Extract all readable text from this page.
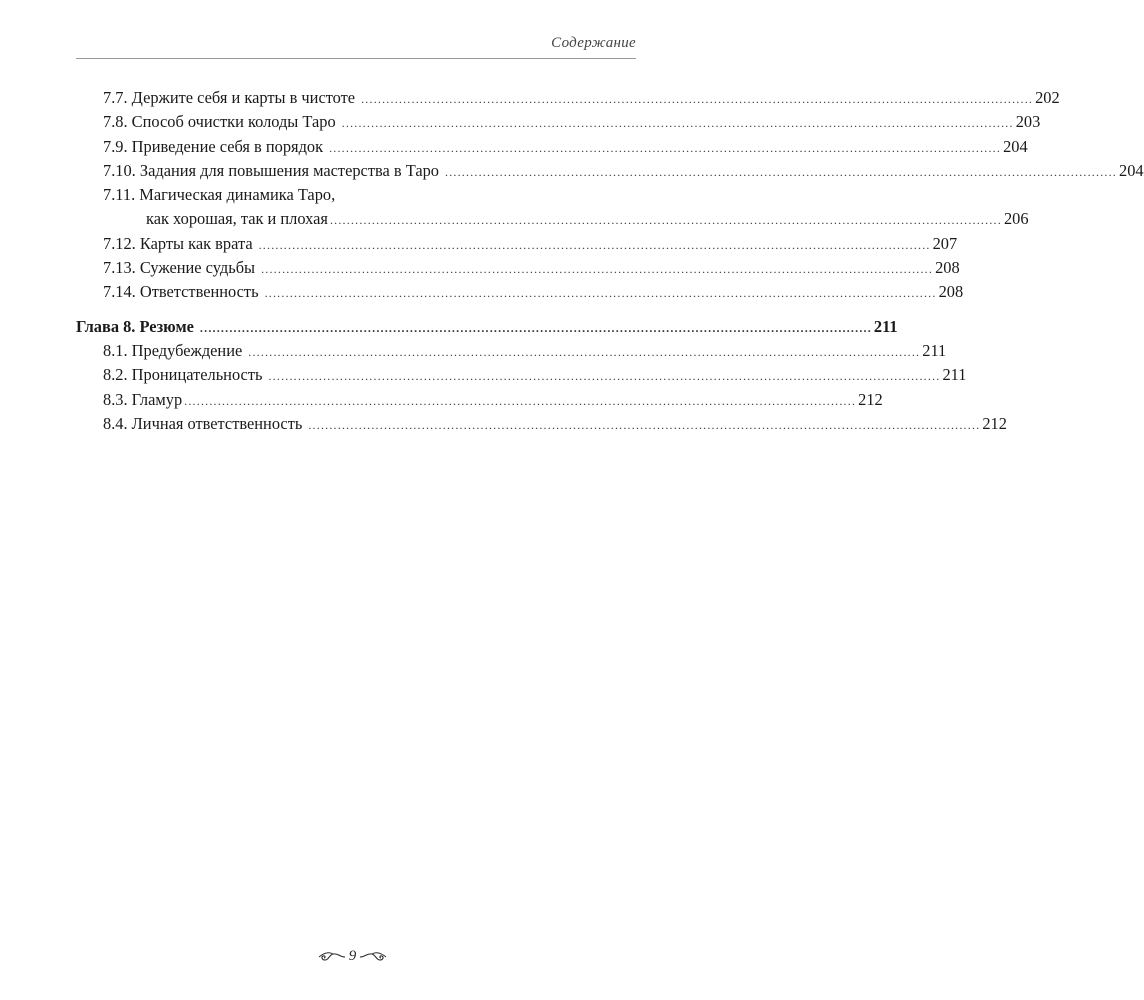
Содержание
7.7. Держите себя и карты в чистоте ................................................................................................................................................................ 202
7.8. Способ очистки колоды Таро ................................................................................................................................................................ 203
7.9. Приведение себя в порядок ................................................................................................................................................................ 204
7.10. Задания для повышения мастерства в Таро ................................................................................................................................................................ 204
7.11. Магическая динамика Таро,
как хорошая, так и плохая ................................................................................................................................................................ 206
7.12. Карты как врата ................................................................................................................................................................ 207
7.13. Сужение судьбы ................................................................................................................................................................ 208
7.14. Ответственность ................................................................................................................................................................ 208
Глава 8. Резюме ................................................................................................................................................................ 211
8.1. Предубеждение ................................................................................................................................................................ 211
8.2. Проницательность ................................................................................................................................................................ 211
8.3. Гламур ................................................................................................................................................................ 212
8.4. Личная ответственность ................................................................................................................................................................ 212
9
